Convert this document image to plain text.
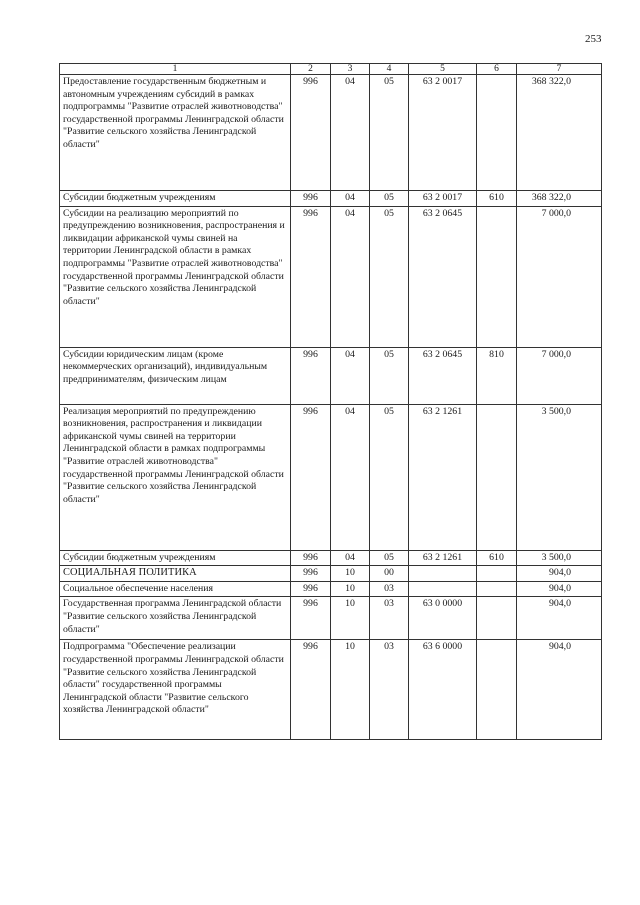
253
1	2	3	4	5	6	7
Предоставление государственным бюджетным и автономным учреждениям субсидий в рамках подпрограммы "Развитие отраслей животноводства" государственной программы Ленинградской области "Развитие сельского хозяйства Ленинградской области"	996	04	05	63 2 0017		368 322,0
Субсидии бюджетным учреждениям	996	04	05	63 2 0017	610	368 322,0
Субсидии на реализацию мероприятий по предупреждению возникновения, распространения и ликвидации африканской чумы свиней на территории Ленинградской области в рамках подпрограммы "Развитие отраслей животноводства" государственной программы Ленинградской области "Развитие сельского хозяйства Ленинградской области"	996	04	05	63 2 0645		7 000,0
Субсидии юридическим лицам (кроме некоммерческих организаций), индивидуальным предпринимателям, физическим лицам	996	04	05	63 2 0645	810	7 000,0
Реализация мероприятий по предупреждению возникновения, распространения и ликвидации африканской чумы свиней на территории Ленинградской области в рамках подпрограммы "Развитие отраслей животноводства" государственной программы Ленинградской области "Развитие сельского хозяйства Ленинградской области"	996	04	05	63 2 1261		3 500,0
Субсидии бюджетным учреждениям	996	04	05	63 2 1261	610	3 500,0
СОЦИАЛЬНАЯ ПОЛИТИКА	996	10	00			904,0
Социальное обеспечение населения	996	10	03			904,0
Государственная программа Ленинградской области "Развитие сельского хозяйства Ленинградской области"	996	10	03	63 0 0000		904,0
Подпрограмма "Обеспечение реализации государственной программы Ленинградской области "Развитие сельского хозяйства Ленинградской области" государственной программы Ленинградской области "Развитие сельского хозяйства Ленинградской области"	996	10	03	63 6 0000		904,0
